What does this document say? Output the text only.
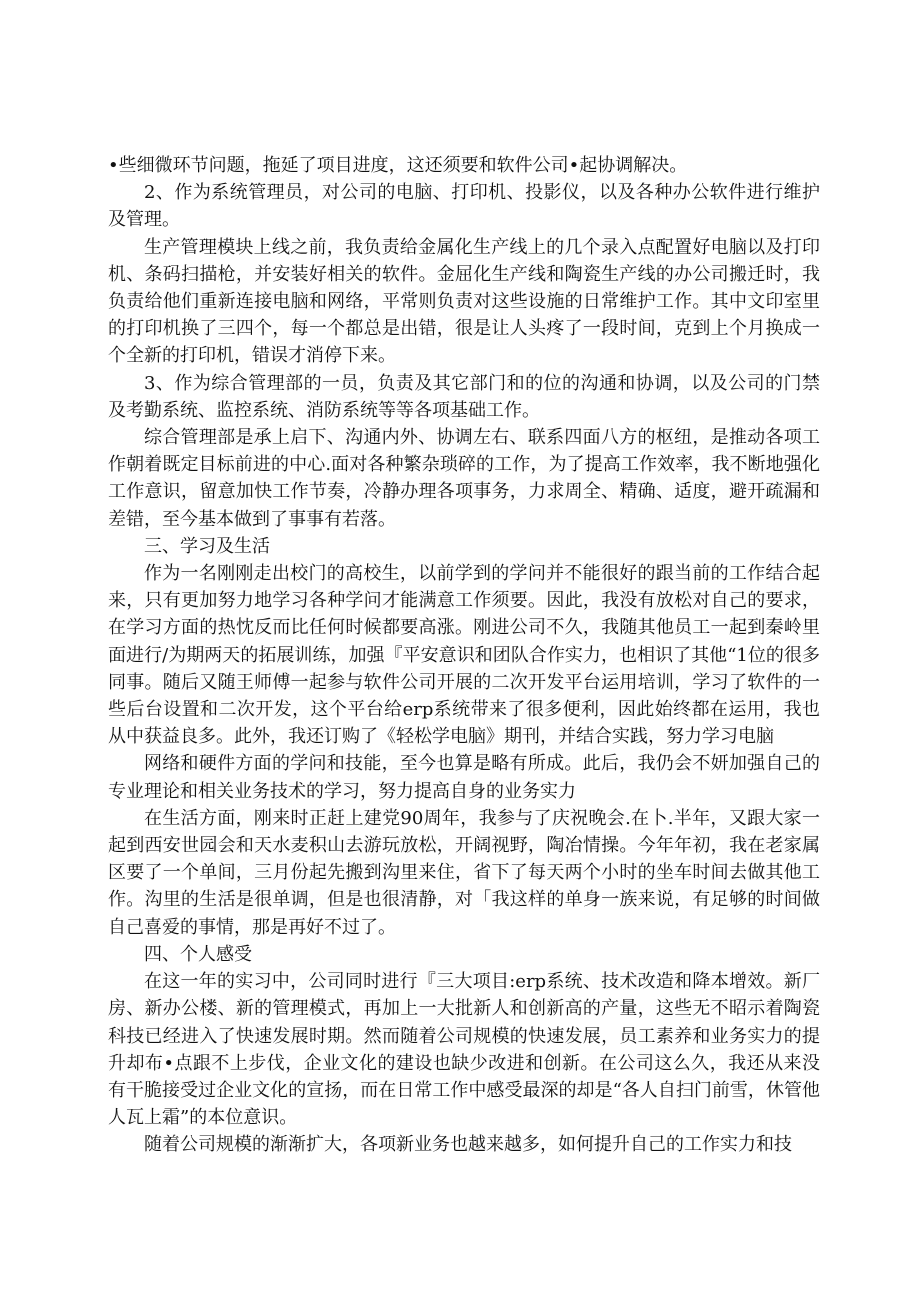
•些细微环节问题，拖延了项目进度，这还须要和软件公司•起协调解决。

2、作为系统管理员，对公司的电脑、打印机、投影仪，以及各种办公软件进行维护及管理。

生产管理模块上线之前，我负责给金属化生产线上的几个录入点配置好电脑以及打印机、条码扫描枪，并安装好相关的软件。金屈化生产线和陶瓷生产线的办公司搬迁时，我负责给他们重新连接电脑和网络，平常则负责对这些设施的日常维护工作。其中文印室里的打印机换了三四个，每一个都总是出错，很是让人头疼了一段时间，克到上个月换成一个全新的打印机，错误才消停下来。

3、作为综合管理部的一员，负责及其它部门和的位的沟通和协调，以及公司的门禁及考勤系统、监控系统、消防系统等等各项基础工作。

综合管理部是承上启下、沟通内外、协调左右、联系四面八方的枢纽，是推动各项工作朝着既定目标前进的中心.面对各种繁杂琐碎的工作，为了提高工作效率，我不断地强化工作意识，留意加快工作节奏，冷静办理各项事务，力求周全、精确、适度，避开疏漏和差错，至今基本做到了事事有若落。

三、学习及生活

作为一名刚刚走出校门的高校生，以前学到的学问并不能很好的跟当前的工作结合起来，只有更加努力地学习各种学问才能满意工作须要。因此，我没有放松对自己的要求，在学习方面的热忱反而比任何时候都要高涨。刚进公司不久，我随其他员工一起到秦岭里面进行/为期两天的拓展训练，加强『平安意识和团队合作实力，也相识了其他“1位的很多同事。随后又随王师傅一起参与软件公司开展的二次开发平台运用培训，学习了软件的一些后台设置和二次开发，这个平台给erp系统带来了很多便利，因此始终都在运用，我也从中获益良多。此外，我还订购了《轻松学电脑》期刊，并结合实践，努力学习电脑

网络和硬件方面的学问和技能，至今也算是略有所成。此后，我仍会不妍加强自己的专业理论和相关业务技术的学习，努力提高自身的业务实力

在生活方面，刚来时正赶上建党90周年，我参与了庆祝晚会.在卜.半年，又跟大家一起到西安世园会和天水麦积山去游玩放松，开阔视野，陶冶情操。今年年初，我在老家属区要了一个单间，三月份起先搬到沟里来住，省下了每天两个小时的坐车时间去做其他工作。沟里的生活是很单调，但是也很清静，对「我这样的单身一族来说，有足够的时间做自己喜爱的事情，那是再好不过了。

四、个人感受

在这一年的实习中，公司同时进行『三大项目:erp系统、技术改造和降本增效。新厂房、新办公楼、新的管理模式，再加上一大批新人和创新高的产量，这些无不昭示着陶瓷科技已经进入了快速发展时期。然而随着公司规模的快速发展，员工素养和业务实力的提升却布•点跟不上步伐，企业文化的建设也缺少改进和创新。在公司这么久，我还从来没有干脆接受过企业文化的宣扬，而在日常工作中感受最深的却是“各人自扫门前雪，休管他人瓦上霜”的本位意识。

随着公司规模的渐渐扩大，各项新业务也越来越多，如何提升自己的工作实力和技
